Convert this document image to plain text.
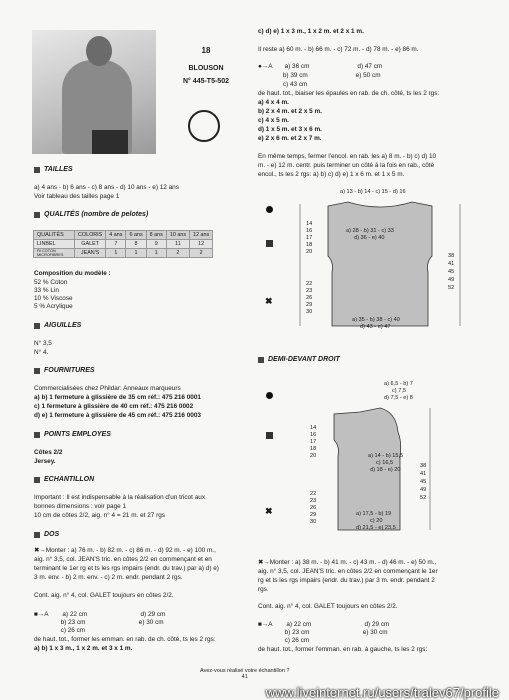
18
BLOUSON
N° 445-T5-502
TAILLES
a) 4 ans - b) 6 ans - c) 8 ans - d) 10 ans - e) 12 ans
Voir tableau des tailles page 1
QUALITÉS (nombre de pelotes)
QUALITÉS	COLORIS	4 ans	6 ans	8 ans	10 ans	12 ans
LINBEL	GALET	7	8	9	11	12
Fil COTON MICROFIBRES	JEAN'S	1	1	1	2	2
Composition du modèle :
52 % Coton
33 % Lin
10 % Viscose
5 % Acrylique
AIGUILLES
N° 3,5
N° 4.
FOURNITURES
Commercialisées chez Phildar: Anneaux marqueurs
a) b) 1 fermeture à glissière de 35 cm réf.: 475 216 0001
c) 1 fermeture à glissière de 40 cm réf.: 475 216 0002
d) e) 1 fermeture à glissière de 45 cm réf.: 475 216 0003
POINTS EMPLOYES
Côtes 2/2
Jersey.
ECHANTILLON
Important : Il est indispensable à la réalisation d'un tricot aux
bonnes dimensions : voir page 1
10 cm de côtes 2/2, aig. n° 4 = 21 m. et 27 rgs
DOS
✖→Monter : a) 76 m. - b) 82 m. - c) 86 m. - d) 92 m. - e) 100 m.,
aig. n° 3,5, col. JEAN'S tric. en côtes 2/2 en commençant et en
terminant le 1er rg et ts les rgs impairs (endr. du trav.) par a) d) e)
3 m. env. - b) 2 m. env. - c) 2 m. endr. pendant 2 rgs.
Cont. aig. n° 4, col. GALET toujours en côtes 2/2.
■→A        a) 22 cm                              d) 29 cm
b) 23 cm                              e) 30 cm
c) 26 cm
de haut. tot., former les emman. en rab. de ch. côté, ts les 2 rgs:
a) b) 1 x 3 m., 1 x 2 m. et 3 x 1 m.
c) d) e) 1 x 3 m., 1 x 2 m. et 2 x 1 m.
Il reste a) 60 m. - b) 66 m. - c) 72 m. - d) 78 m. - e) 86 m.
●→A       a) 36 cm                           d) 47 cm
b) 39 cm                           e) 50 cm
c) 43 cm
de haut. tot., biaiser les épaules en rab. de ch. côté, ts les 2 rgs:
a) 4 x 4 m.
b) 2 x 4 m. et 2 x 5 m.
c) 4 x 5 m.
d) 1 x 5 m. et 3 x 6 m.
e) 2 x 6 m. et 2 x 7 m.
En même temps, fermer l'encol. en rab. les a) 8 m. - b) c) d) 10
m. - e) 12 m. centr. puis terminer un côté à la fois en rab., côté
encol., ts les 2 rgs: a) b) c) d) e) 1 x 6 m. et 1 x 5 m.
✖
a) 13 - b) 14 - c) 15 - d) 16
a) 28 - b) 31 - c) 33
d) 36 - e) 40
a) 35 - b) 38 - c) 40
d) 43 - e) 47
14
16
17
18
20
22
23
26
29
30
38
41
45
49
52
DEMI-DEVANT DROIT
✖
a) 6,5 - b) 7
c) 7,5
d) 7,5 - e) 8
a) 14 - b) 15,5
c) 16,5
d) 18 - e) 20
a) 17,5 - b) 19
c) 20
d) 21,5 - e) 23,5
14
16
17
18
20
22
23
26
29
30
38
41
45
49
52
✖→Monter : a) 38 m. - b) 41 m. - c) 43 m. - d) 46 m. - e) 50 m.,
aig. n° 3,5, col. JEAN'S tric. en côtes 2/2 en commençant le 1er
rg et ts les rgs impairs (endr. du trav.) par 3 m. endr. pendant 2
rgs.
Cont. aig. n° 4, col. GALET toujours en côtes 2/2.
■→A        a) 22 cm                              d) 29 cm
b) 23 cm                              e) 30 cm
c) 26 cm
de haut. tot., former l'emman. en rab. à gauche, ts les 2 rgs:
Avez-vous réalisé votre échantillon ?
41
www.liveinternet.ru/users/tralev67/profile
